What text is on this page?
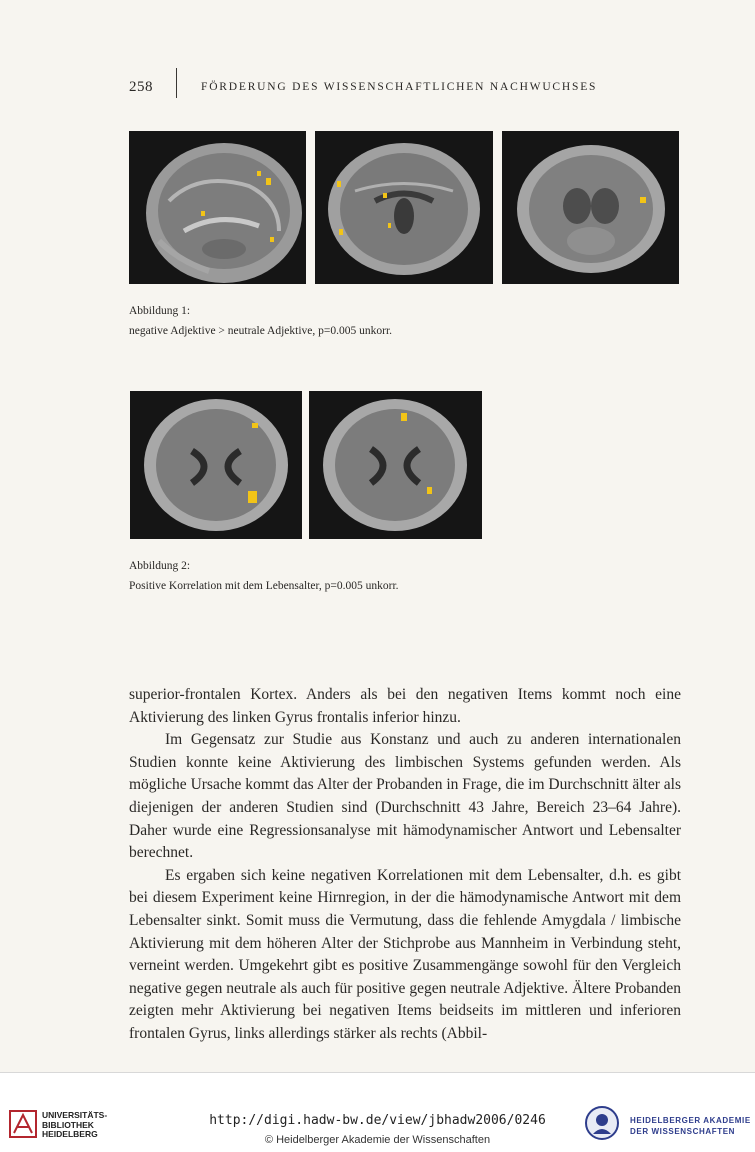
258	FÖRDERUNG DES WISSENSCHAFTLICHEN NACHWUCHSES
Abbildung 1:
negative Adjektive > neutrale Adjektive, p=0.005 unkorr.
Abbildung 2:
Positive Korrelation mit dem Lebensalter, p=0.005 unkorr.

superior-frontalen Kortex. Anders als bei den negativen Items kommt noch eine Aktivierung des linken Gyrus frontalis inferior hinzu.

Im Gegensatz zur Studie aus Konstanz und auch zu anderen internationalen Studien konnte keine Aktivierung des limbischen Systems gefunden werden. Als mögliche Ursache kommt das Alter der Probanden in Frage, die im Durchschnitt älter als diejenigen der anderen Studien sind (Durchschnitt 43 Jahre, Bereich 23–64 Jahre). Daher wurde eine Regressionsanalyse mit hämodynamischer Antwort und Lebensalter berechnet.

Es ergaben sich keine negativen Korrelationen mit dem Lebensalter, d.h. es gibt bei diesem Experiment keine Hirnregion, in der die hämodynamische Antwort mit dem Lebensalter sinkt. Somit muss die Vermutung, dass die fehlende Amygdala / limbische Aktivierung mit dem höheren Alter der Stichprobe aus Mannheim in Verbindung steht, verneint werden. Umgekehrt gibt es positive Zusammengänge sowohl für den Vergleich negative gegen neutrale als auch für positive gegen neutrale Adjektive. Ältere Probanden zeigten mehr Aktivierung bei negativen Items beidseits im mittleren und inferioren frontalen Gyrus, links allerdings stärker als rechts (Abbil-

UNIVERSITÄTS-
BIBLIOTHEK
HEIDELBERG
http://digi.hadw-bw.de/view/jbhadw2006/0246
© Heidelberger Akademie der Wissenschaften
HEIDELBERGER AKADEMIE
DER WISSENSCHAFTEN
